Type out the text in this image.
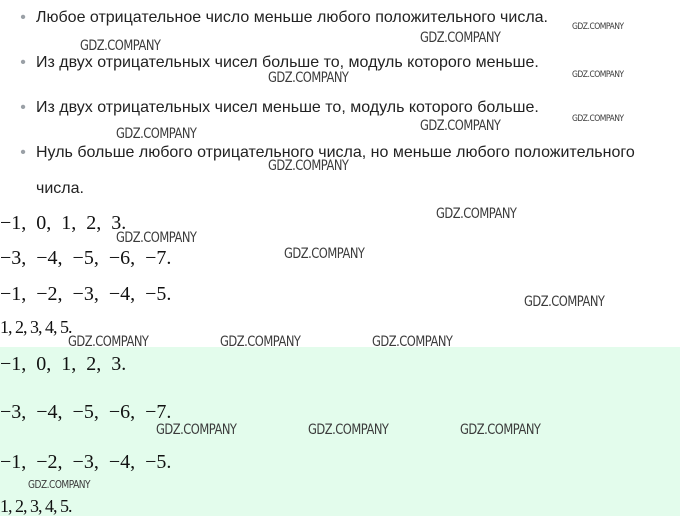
• Любое отрицательное число меньше любого положительного числа.
• Из двух отрицательных чисел больше то, модуль которого меньше.
• Из двух отрицательных чисел меньше то, модуль которого больше.
• Нуль больше любого отрицательного числа, но меньше любого положительного числа.
−1,  0,  1,  2,  3.
−3,  −4,  −5,  −6,  −7.
−1,  −2,  −3,  −4,  −5.
1, 2, 3, 4, 5.
−1,  0,  1,  2,  3.
−3,  −4,  −5,  −6,  −7.
−1,  −2,  −3,  −4,  −5.
1, 2, 3, 4, 5.
GDZ.COMPANY	GDZ.COMPANY
GDZ.COMPANY
GDZ.COMPANY	GDZ.COMPANY
GDZ.COMPANY	GDZ.COMPANY	GDZ.COMPANY
GDZ.COMPANY
GDZ.COMPANY
GDZ.COMPANY
GDZ.COMPANY
GDZ.COMPANY
GDZ.COMPANY	GDZ.COMPANY	GDZ.COMPANY
GDZ.COMPANY	GDZ.COMPANY	GDZ.COMPANY
GDZ.COMPANY
